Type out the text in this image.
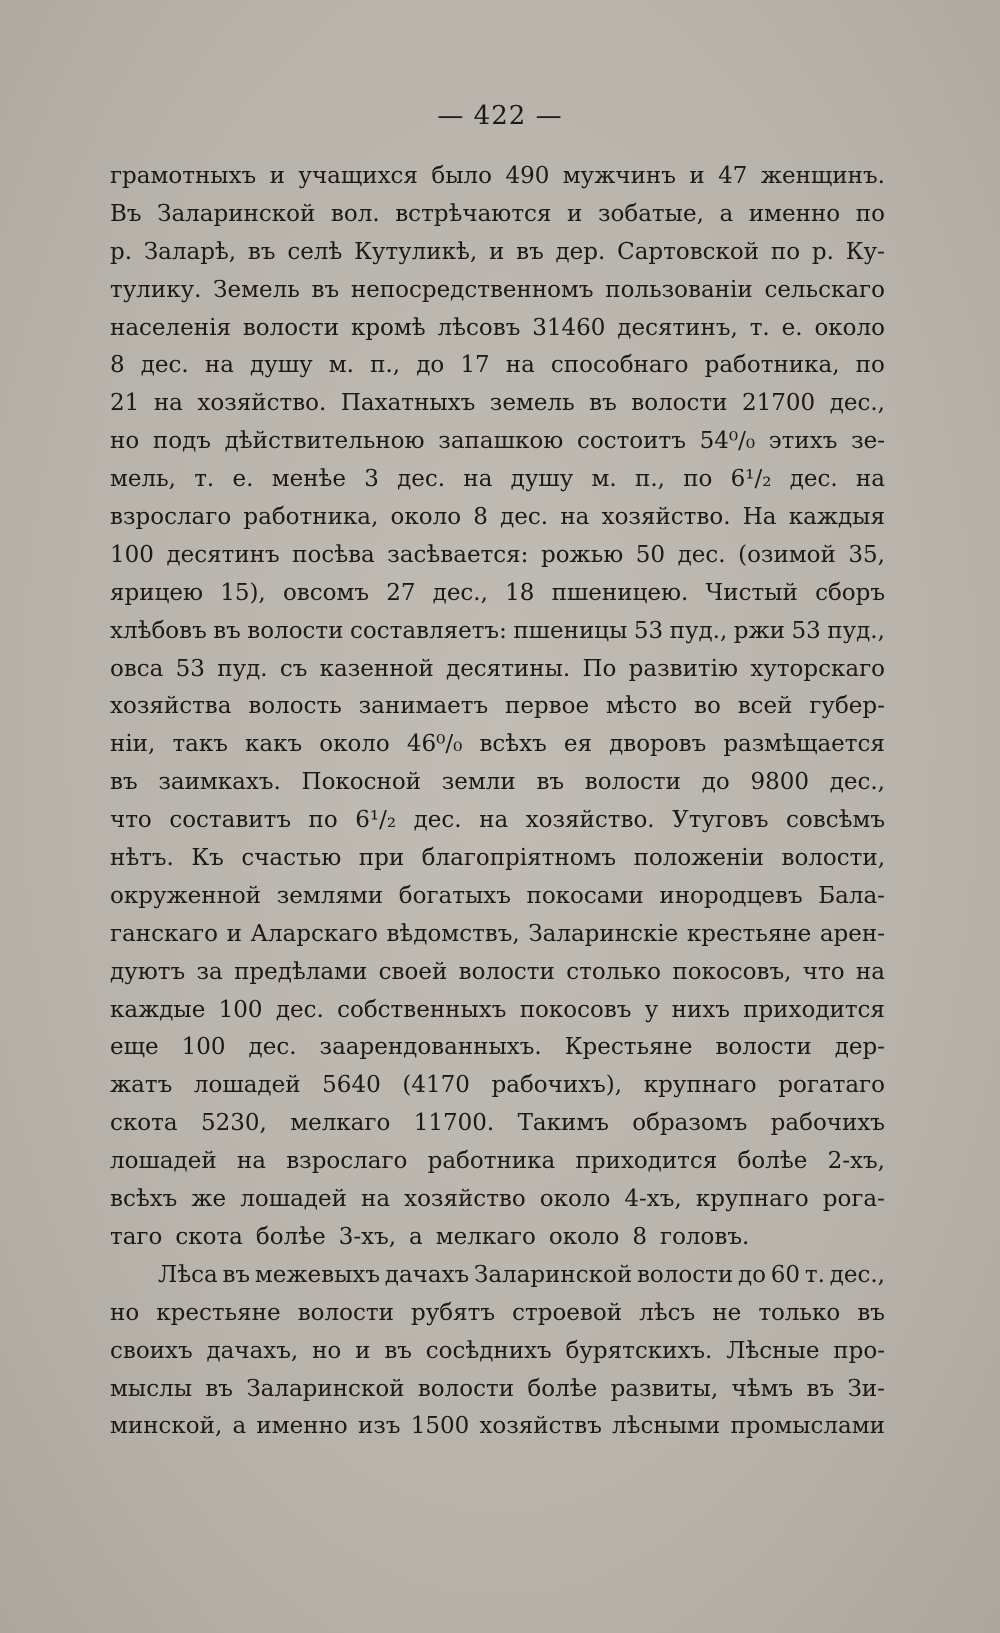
— 422 —
грамотныхъ и учащихся было 490 мужчинъ и 47 женщинъ.
Въ Заларинской вол. встрѣчаются и зобатые, а именно по
р. Заларѣ, въ селѣ Кутуликѣ, и въ дер. Сартовской по р. Ку-
тулику. Земель въ непосредственномъ пользованіи сельскаго
населенія волости кромѣ лѣсовъ 31460 десятинъ, т. е. около
8 дес. на душу м. п., до 17 на способнаго работника, по
21 на хозяйство. Пахатныхъ земель въ волости 21700 дес.,
но подъ дѣйствительною запашкою состоитъ 54⁰/₀ этихъ зе-
мель, т. е. менѣе 3 дес. на душу м. п., по 6¹/₂ дес. на
взрослаго работника, около 8 дес. на хозяйство. На каждыя
100 десятинъ посѣва засѣвается: рожью 50 дес. (озимой 35,
ярицею 15), овсомъ 27 дес., 18 пшеницею. Чистый сборъ
хлѣбовъ въ волости составляетъ: пшеницы 53 пуд., ржи 53 пуд.,
овса 53 пуд. съ казенной десятины. По развитію хуторскаго
хозяйства волость занимаетъ первое мѣсто во всей губер-
ніи, такъ какъ около 46⁰/₀ всѣхъ ея дворовъ размѣщается
въ заимкахъ. Покосной земли въ волости до 9800 дес.,
что составитъ по 6¹/₂ дес. на хозяйство. Утуговъ совсѣмъ
нѣтъ. Къ счастью при благопріятномъ положеніи волости,
окруженной землями богатыхъ покосами инородцевъ Бала-
ганскаго и Аларскаго вѣдомствъ, Заларинскіе крестьяне арен-
дуютъ за предѣлами своей волости столько покосовъ, что на
каждые 100 дес. собственныхъ покосовъ у нихъ приходится
еще 100 дес. заарендованныхъ. Крестьяне волости дер-
жатъ лошадей 5640 (4170 рабочихъ), крупнаго рогатаго
скота 5230, мелкаго 11700. Такимъ образомъ рабочихъ
лошадей на взрослаго работника приходится болѣе 2-хъ,
всѣхъ же лошадей на хозяйство около 4-хъ, крупнаго рога-
таго скота болѣе 3-хъ, а мелкаго около 8 головъ.
Лѣса въ межевыхъ дачахъ Заларинской волости до 60 т. дес.,
но крестьяне волости рубятъ строевой лѣсъ не только въ
своихъ дачахъ, но и въ сосѣднихъ бурятскихъ. Лѣсные про-
мыслы въ Заларинской волости болѣе развиты, чѣмъ въ Зи-
минской, а именно изъ 1500 хозяйствъ лѣсными промыслами
